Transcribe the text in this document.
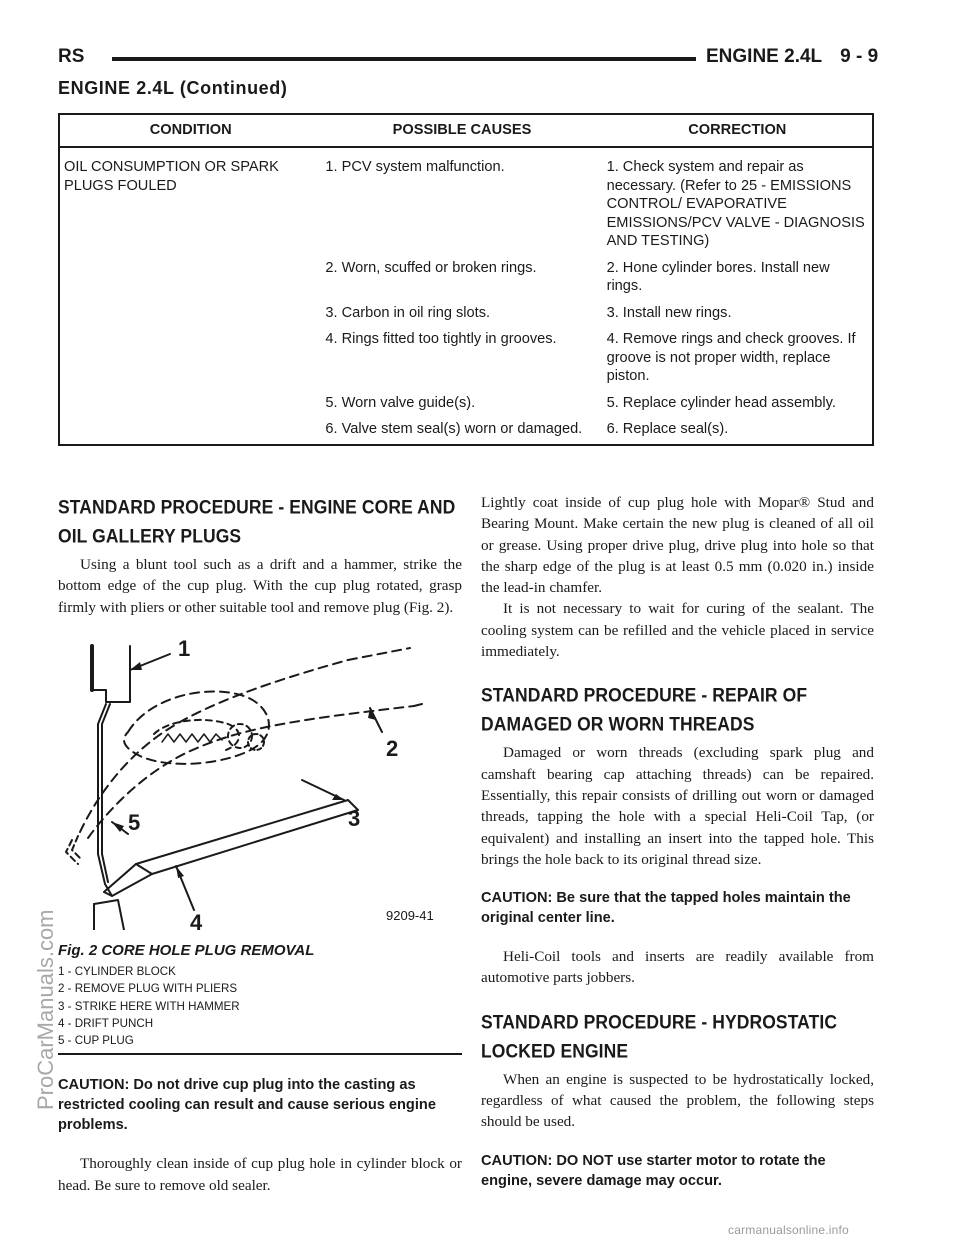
RS	ENGINE 2.4L 9 - 9
ENGINE 2.4L (Continued)
CONDITION	POSSIBLE CAUSES	CORRECTION
OIL CONSUMPTION OR SPARK PLUGS FOULED	1. PCV system malfunction.	1. Check system and repair as necessary. (Refer to 25 - EMISSIONS CONTROL/ EVAPORATIVE EMISSIONS/PCV VALVE - DIAGNOSIS AND TESTING)
	2. Worn, scuffed or broken rings.	2. Hone cylinder bores. Install new rings.
	3. Carbon in oil ring slots.	3. Install new rings.
	4. Rings fitted too tightly in grooves.	4. Remove rings and check grooves. If groove is not proper width, replace piston.
	5. Worn valve guide(s).	5. Replace cylinder head assembly.
	6. Valve stem seal(s) worn or damaged.	6. Replace seal(s).
ProCarManuals.com
STANDARD PROCEDURE - ENGINE CORE AND OIL GALLERY PLUGS

Using a blunt tool such as a drift and a hammer, strike the bottom edge of the cup plug. With the cup plug rotated, grasp firmly with pliers or other suitable tool and remove plug (Fig. 2).

1
2
3
4
5
9209-41

Fig. 2 CORE HOLE PLUG REMOVAL

1 - CYLINDER BLOCK
2 - REMOVE PLUG WITH PLIERS
3 - STRIKE HERE WITH HAMMER
4 - DRIFT PUNCH
5 - CUP PLUG

CAUTION: Do not drive cup plug into the casting as restricted cooling can result and cause serious engine problems.

Thoroughly clean inside of cup plug hole in cylinder block or head. Be sure to remove old sealer.

Lightly coat inside of cup plug hole with Mopar® Stud and Bearing Mount. Make certain the new plug is cleaned of all oil or grease. Using proper drive plug, drive plug into hole so that the sharp edge of the plug is at least 0.5 mm (0.020 in.) inside the lead-in chamfer.

It is not necessary to wait for curing of the sealant. The cooling system can be refilled and the vehicle placed in service immediately.

STANDARD PROCEDURE - REPAIR OF DAMAGED OR WORN THREADS

Damaged or worn threads (excluding spark plug and camshaft bearing cap attaching threads) can be repaired. Essentially, this repair consists of drilling out worn or damaged threads, tapping the hole with a special Heli-Coil Tap, (or equivalent) and installing an insert into the tapped hole. This brings the hole back to its original thread size.

CAUTION: Be sure that the tapped holes maintain the original center line.

Heli-Coil tools and inserts are readily available from automotive parts jobbers.

STANDARD PROCEDURE - HYDROSTATIC LOCKED ENGINE

When an engine is suspected to be hydrostatically locked, regardless of what caused the problem, the following steps should be used.

CAUTION: DO NOT use starter motor to rotate the engine, severe damage may occur.

carmanualsonline.info
